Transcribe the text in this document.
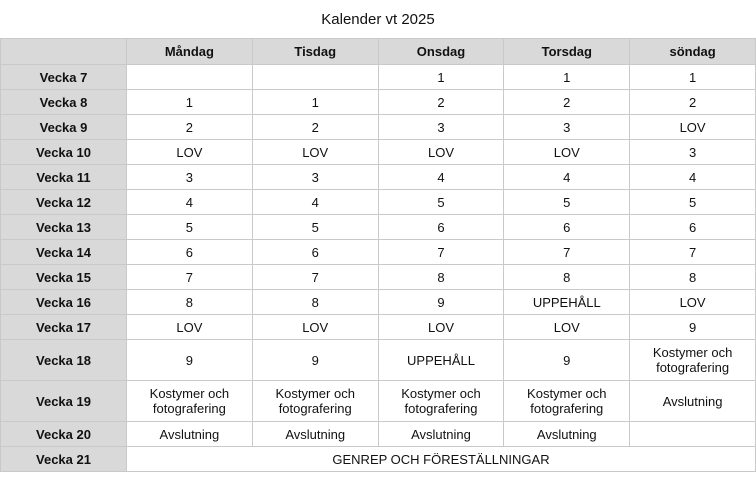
Kalender vt 2025
	Måndag	Tisdag	Onsdag	Torsdag	söndag
Vecka 7			1	1	1
Vecka 8	1	1	2	2	2
Vecka 9	2	2	3	3	LOV
Vecka 10	LOV	LOV	LOV	LOV	3
Vecka 11	3	3	4	4	4
Vecka 12	4	4	5	5	5
Vecka 13	5	5	6	6	6
Vecka 14	6	6	7	7	7
Vecka 15	7	7	8	8	8
Vecka 16	8	8	9	UPPEHÅLL	LOV
Vecka 17	LOV	LOV	LOV	LOV	9
Vecka 18	9	9	UPPEHÅLL	9	Kostymer och fotografering
Vecka 19	Kostymer och fotografering	Kostymer och fotografering	Kostymer och fotografering	Kostymer och fotografering	Avslutning
Vecka 20	Avslutning	Avslutning	Avslutning	Avslutning	
Vecka 21	GENREP OCH FÖRESTÄLLNINGAR				
